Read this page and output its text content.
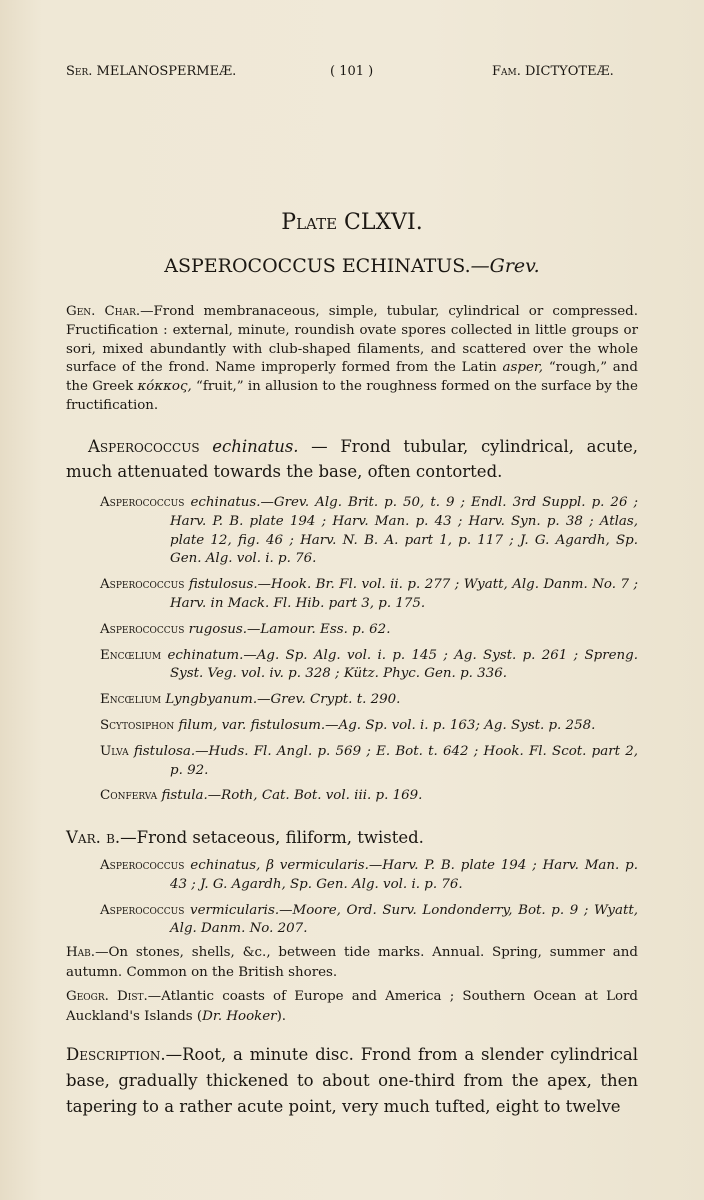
Ser. MELANOSPERMEÆ.	( 101 )	Fam. DICTYOTEÆ.
Plate CLXVI.
ASPEROCOCCUS ECHINATUS.—Grev.
Gen. Char.—Frond membranaceous, simple, tubular, cylindrical or compressed. Fructification : external, minute, roundish ovate spores collected in little groups or sori, mixed abundantly with club-shaped filaments, and scattered over the whole surface of the frond. Name improperly formed from the Latin asper, “rough,” and the Greek κόκκος, “fruit,” in allusion to the roughness formed on the surface by the fructification.
Asperococcus echinatus. — Frond tubular, cylindrical, acute, much attenuated towards the base, often contorted.

Asperococcus echinatus.—Grev. Alg. Brit. p. 50, t. 9 ; Endl. 3rd Suppl. p. 26 ; Harv. P. B. plate 194 ; Harv. Man. p. 43 ; Harv. Syn. p. 38 ; Atlas, plate 12, fig. 46 ; Harv. N. B. A. part 1, p. 117 ; J. G. Agardh, Sp. Gen. Alg. vol. i. p. 76.

Asperococcus fistulosus.—Hook. Br. Fl. vol. ii. p. 277 ; Wyatt, Alg. Danm. No. 7 ; Harv. in Mack. Fl. Hib. part 3, p. 175.

Asperococcus rugosus.—Lamour. Ess. p. 62.

Encœlium echinatum.—Ag. Sp. Alg. vol. i. p. 145 ; Ag. Syst. p. 261 ; Spreng. Syst. Veg. vol. iv. p. 328 ; Kütz. Phyc. Gen. p. 336.

Encœlium Lyngbyanum.—Grev. Crypt. t. 290.

Scytosiphon filum, var. fistulosum.—Ag. Sp. vol. i. p. 163; Ag. Syst. p. 258.

Ulva fistulosa.—Huds. Fl. Angl. p. 569 ; E. Bot. t. 642 ; Hook. Fl. Scot. part 2, p. 92.

Conferva fistula.—Roth, Cat. Bot. vol. iii. p. 169.

Var. β.—Frond setaceous, filiform, twisted.

Asperococcus echinatus, β vermicularis.—Harv. P. B. plate 194 ; Harv. Man. p. 43 ; J. G. Agardh, Sp. Gen. Alg. vol. i. p. 76.

Asperococcus vermicularis.—Moore, Ord. Surv. Londonderry, Bot. p. 9 ; Wyatt, Alg. Danm. No. 207.

Hab.—On stones, shells, &c., between tide marks. Annual. Spring, summer and autumn. Common on the British shores.
Geogr. Dist.—Atlantic coasts of Europe and America ; Southern Ocean at Lord Auckland's Islands (Dr. Hooker).
Description.—Root, a minute disc. Frond from a slender cylindrical base, gradually thickened to about one-third from the apex, then tapering to a rather acute point, very much tufted, eight to twelve
